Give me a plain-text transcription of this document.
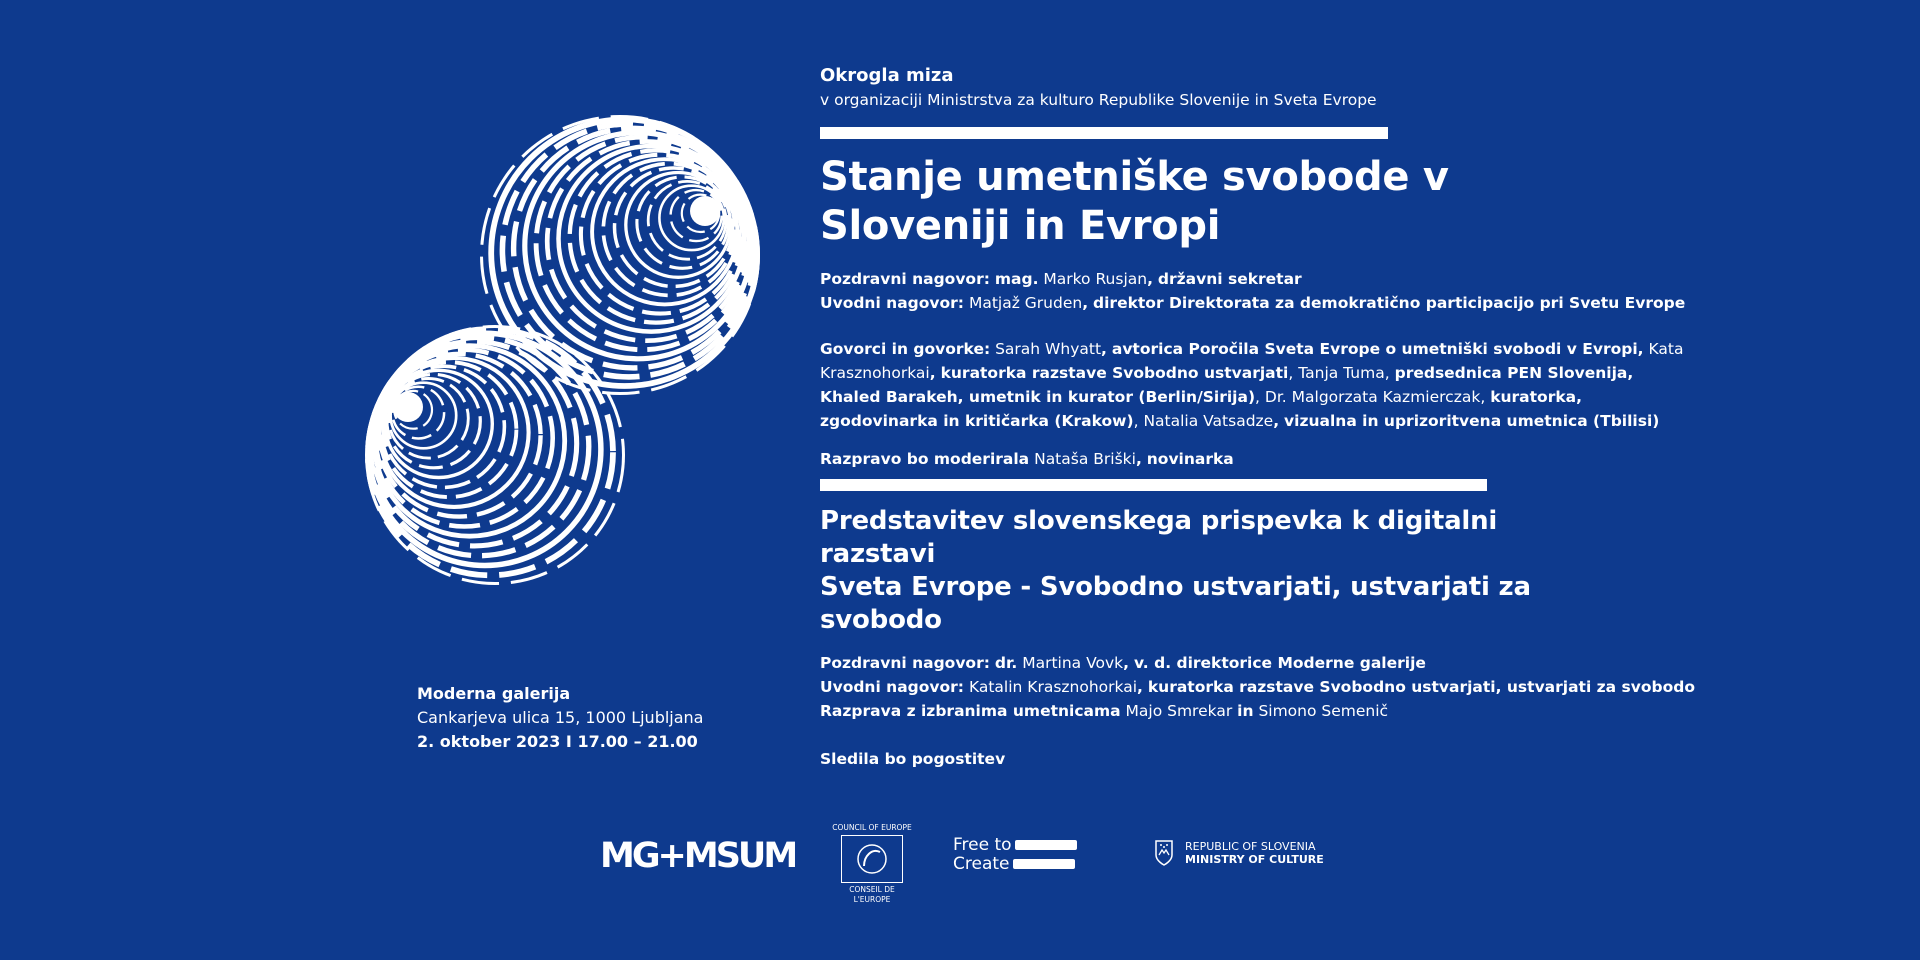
Okrogla miza
v organizaciji Ministrstva za kulturo Republike Slovenije in Sveta Evrope
Stanje umetniške svobode v
Sloveniji in Evropi
Pozdravni nagovor: mag. Marko Rusjan, državni sekretar
Uvodni nagovor: Matjaž Gruden, direktor Direktorata za demokratično participacijo pri Svetu Evrope
Govorci in govorke: Sarah Whyatt, avtorica Poročila Sveta Evrope o umetniški svobodi v Evropi, Kata
Krasznohorkai, kuratorka razstave Svobodno ustvarjati, Tanja Tuma, predsednica PEN Slovenija,
Khaled Barakeh, umetnik in kurator (Berlin/Sirija), Dr. Malgorzata Kazmierczak, kuratorka,
zgodovinarka in kritičarka (Krakow), Natalia Vatsadze, vizualna in uprizoritvena umetnica (Tbilisi)
Razpravo bo moderirala Nataša Briški, novinarka
Predstavitev slovenskega prispevka k digitalni razstavi
Sveta Evrope - Svobodno ustvarjati, ustvarjati za
svobodo
Pozdravni nagovor: dr. Martina Vovk, v. d. direktorice Moderne galerije
Uvodni nagovor: Katalin Krasznohorkai, kuratorka razstave Svobodno ustvarjati, ustvarjati za svobodo
Razprava z izbranima umetnicama Majo Smrekar in Simono Semenič
Sledila bo pogostitev
Moderna galerija
Cankarjeva ulica 15, 1000 Ljubljana
2. oktober 2023 I 17.00 – 21.00
MG+MSUM
COUNCIL OF EUROPE
CONSEIL DE L'EUROPE
Free to
Create
REPUBLIC OF SLOVENIA
MINISTRY OF CULTURE
